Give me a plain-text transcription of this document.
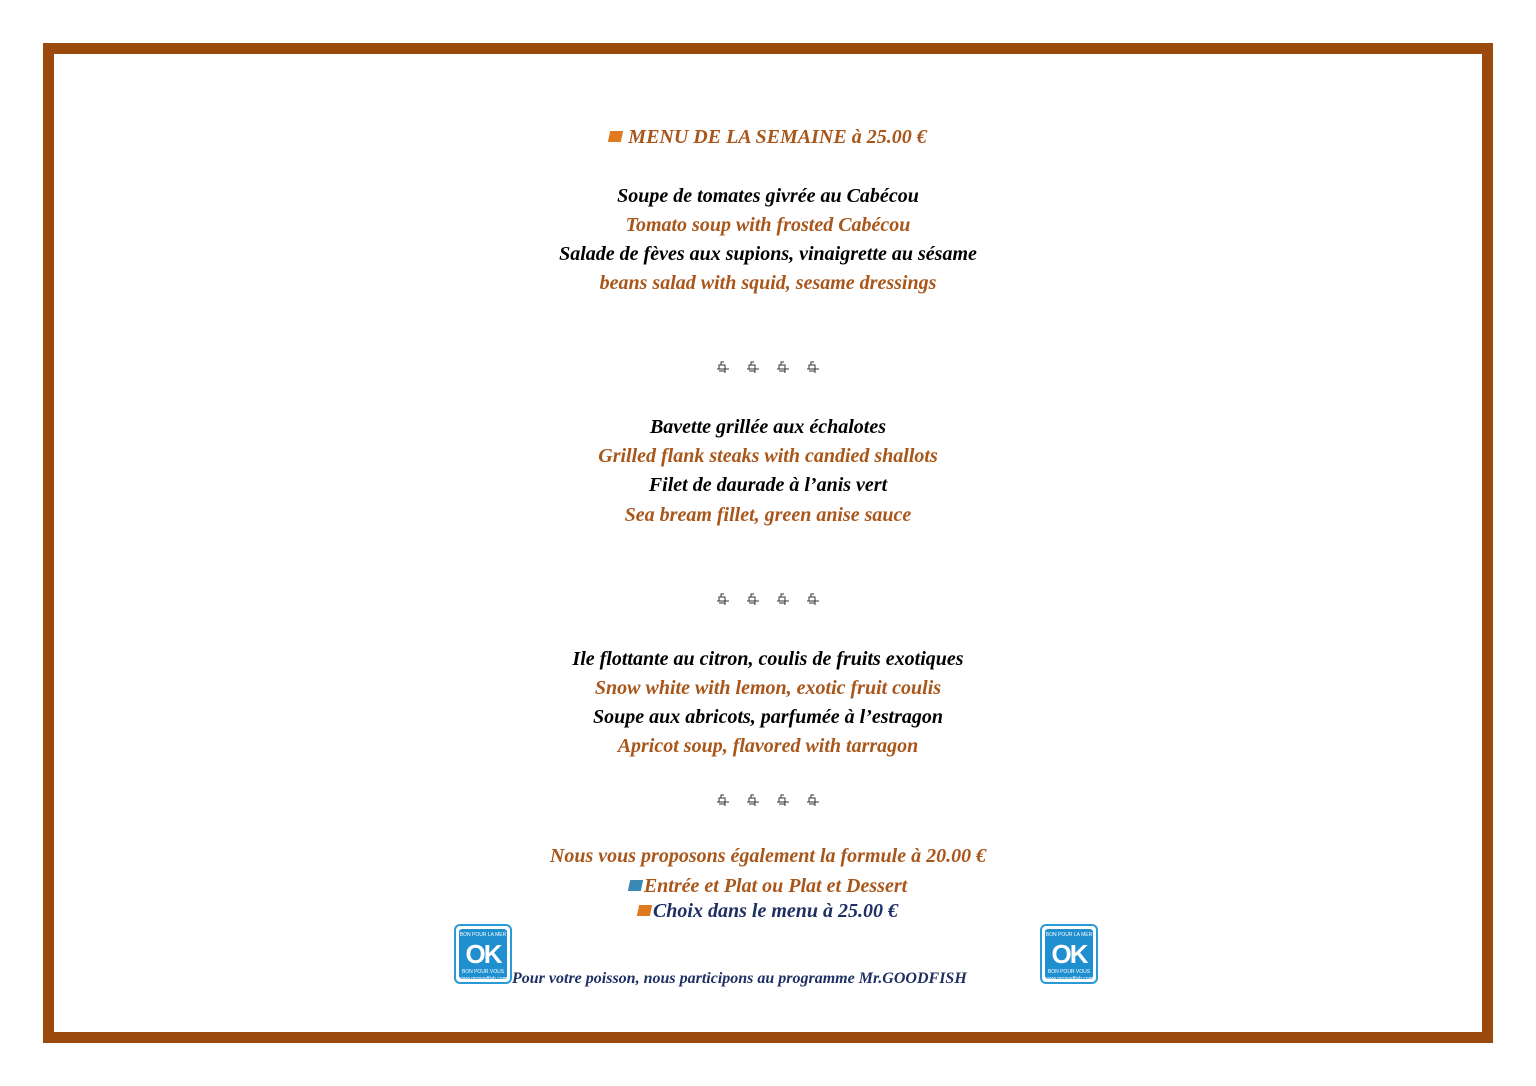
MENU DE LA SEMAINE à 25.00 €
Soupe de tomates givrée au Cabécou
Tomato soup with frosted Cabécou
Salade de fèves aux supions, vinaigrette au sésame
beans salad with squid, sesame dressings

Bavette grillée aux échalotes
Grilled flank steaks with candied shallots
Filet de daurade à l’anis vert
Sea bream fillet, green anise sauce

Ile flottante au citron, coulis de fruits exotiques
Snow white with lemon, exotic fruit coulis
Soupe aux abricots, parfumée à l’estragon
Apricot soup, flavored with tarragon

Nous vous proposons également la formule à 20.00 €
Entrée et Plat ou Plat et Dessert
Choix dans le menu à 25.00 €
BON POUR LA MER
OK
BON POUR VOUS
www.mrgoodfish.com
BON POUR LA MER
OK
BON POUR VOUS
www.mrgoodfish.com
Pour votre poisson, nous participons au programme Mr.GOODFISH
